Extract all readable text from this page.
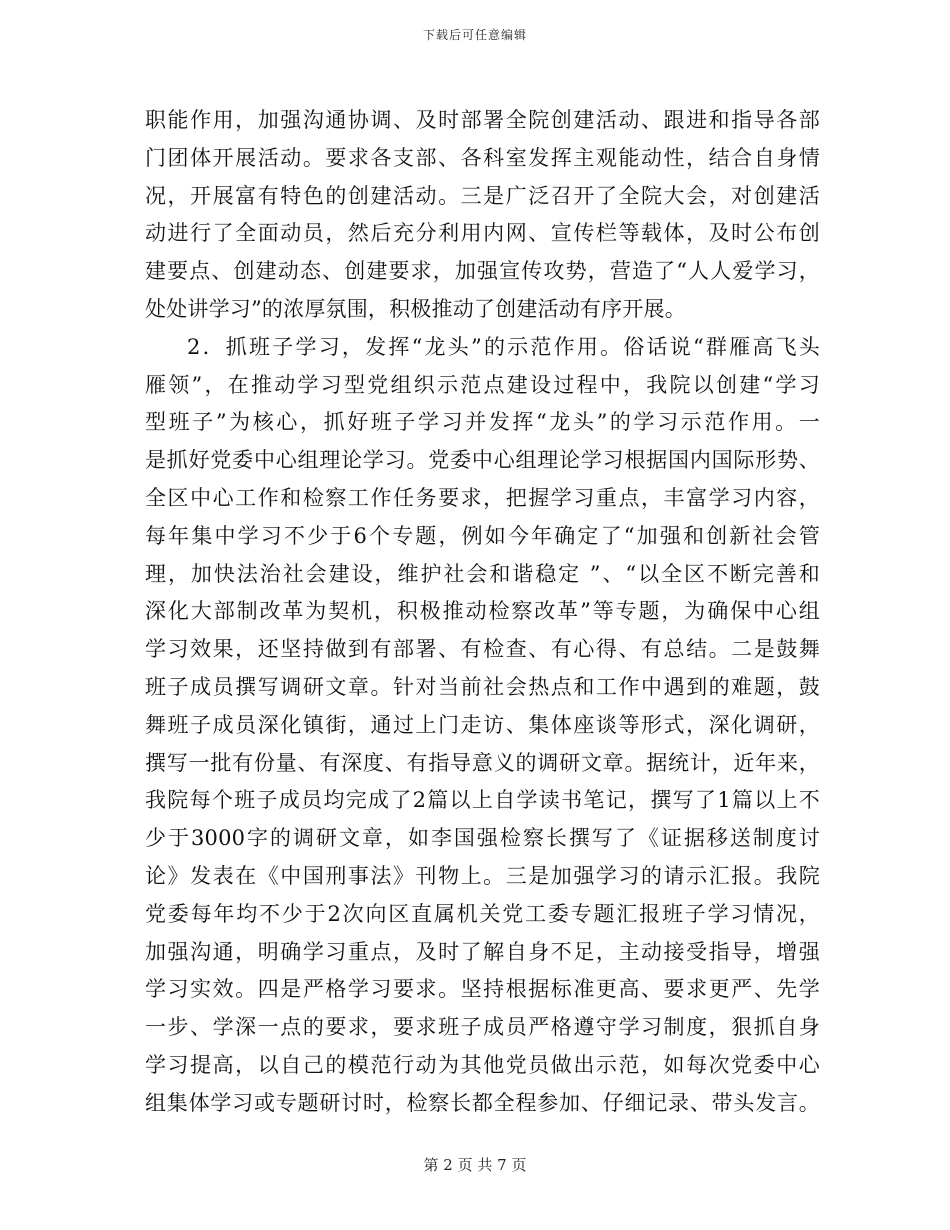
下载后可任意编辑
职能作用，加强沟通协调、及时部署全院创建活动、跟进和指导各部
门团体开展活动。要求各支部、各科室发挥主观能动性，结合自身情
况，开展富有特色的创建活动。三是广泛召开了全院大会，对创建活
动进行了全面动员，然后充分利用内网、宣传栏等载体，及时公布创
建要点、创建动态、创建要求，加强宣传攻势，营造了“人人爱学习，
处处讲学习”的浓厚氛围，积极推动了创建活动有序开展。
2．抓班子学习，发挥“龙头”的示范作用。俗话说“群雁高飞头
雁领”，在推动学习型党组织示范点建设过程中，我院以创建“学习
型班子”为核心，抓好班子学习并发挥“龙头”的学习示范作用。一
是抓好党委中心组理论学习。党委中心组理论学习根据国内国际形势、
全区中心工作和检察工作任务要求，把握学习重点，丰富学习内容，
每年集中学习不少于6个专题，例如今年确定了“加强和创新社会管
理，加快法治社会建设，维护社会和谐稳定 ”、“以全区不断完善和
深化大部制改革为契机，积极推动检察改革”等专题，为确保中心组
学习效果，还坚持做到有部署、有检查、有心得、有总结。二是鼓舞
班子成员撰写调研文章。针对当前社会热点和工作中遇到的难题，鼓
舞班子成员深化镇街，通过上门走访、集体座谈等形式，深化调研，
撰写一批有份量、有深度、有指导意义的调研文章。据统计，近年来，
我院每个班子成员均完成了2篇以上自学读书笔记，撰写了1篇以上不
少于3000字的调研文章，如李国强检察长撰写了《证据移送制度讨
论》发表在《中国刑事法》刊物上。三是加强学习的请示汇报。我院
党委每年均不少于2次向区直属机关党工委专题汇报班子学习情况，
加强沟通，明确学习重点，及时了解自身不足，主动接受指导，增强
学习实效。四是严格学习要求。坚持根据标准更高、要求更严、先学
一步、学深一点的要求，要求班子成员严格遵守学习制度，狠抓自身
学习提高，以自己的模范行动为其他党员做出示范，如每次党委中心
组集体学习或专题研讨时，检察长都全程参加、仔细记录、带头发言。
第 2 页 共 7 页
